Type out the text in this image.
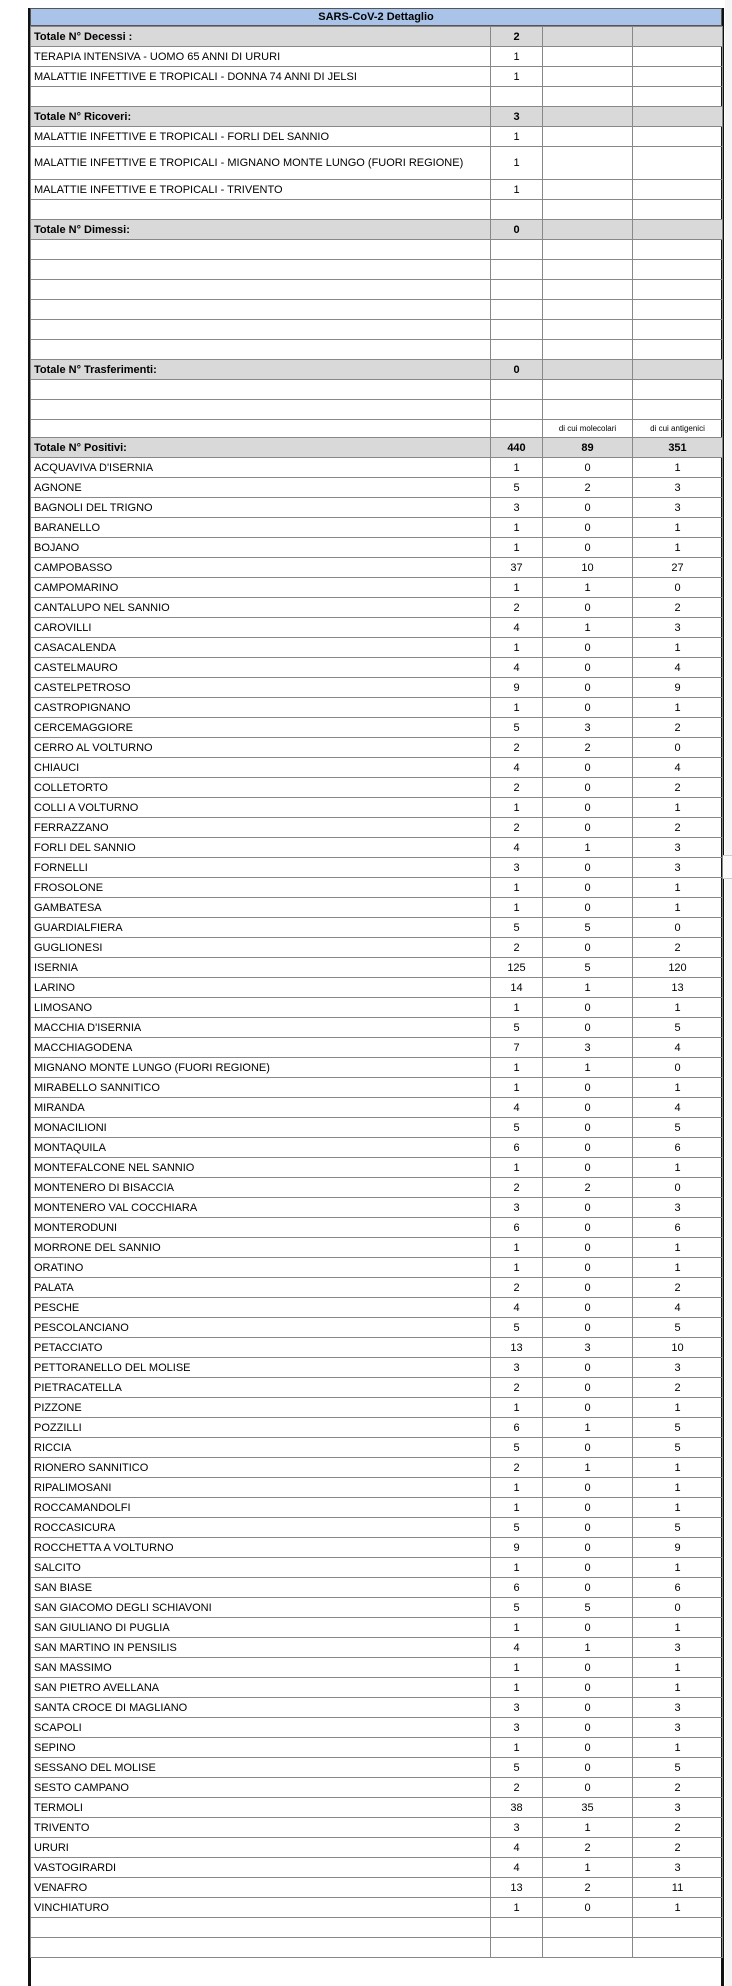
SARS-CoV-2 Dettaglio
Totale N° Decessi :	2		
TERAPIA INTENSIVA - UOMO 65 ANNI DI URURI	1		
MALATTIE INFETTIVE E TROPICALI - DONNA 74 ANNI DI JELSI	1		

Totale N° Ricoveri:	3		
MALATTIE INFETTIVE E TROPICALI - FORLI DEL SANNIO	1		
MALATTIE INFETTIVE E TROPICALI - MIGNANO MONTE LUNGO (FUORI REGIONE)	1		
MALATTIE INFETTIVE E TROPICALI - TRIVENTO	1		

Totale N° Dimessi:	0		

Totale N° Trasferimenti:	0		

		di cui molecolari	di cui antigenici
Totale N° Positivi:	440	89	351
ACQUAVIVA D'ISERNIA	1	0	1
AGNONE	5	2	3
BAGNOLI DEL TRIGNO	3	0	3
BARANELLO	1	0	1
BOJANO	1	0	1
CAMPOBASSO	37	10	27
CAMPOMARINO	1	1	0
CANTALUPO NEL SANNIO	2	0	2
CAROVILLI	4	1	3
CASACALENDA	1	0	1
CASTELMAURO	4	0	4
CASTELPETROSO	9	0	9
CASTROPIGNANO	1	0	1
CERCEMAGGIORE	5	3	2
CERRO AL VOLTURNO	2	2	0
CHIAUCI	4	0	4
COLLETORTO	2	0	2
COLLI A VOLTURNO	1	0	1
FERRAZZANO	2	0	2
FORLI DEL SANNIO	4	1	3
FORNELLI	3	0	3
FROSOLONE	1	0	1
GAMBATESA	1	0	1
GUARDIALFIERA	5	5	0
GUGLIONESI	2	0	2
ISERNIA	125	5	120
LARINO	14	1	13
LIMOSANO	1	0	1
MACCHIA D'ISERNIA	5	0	5
MACCHIAGODENA	7	3	4
MIGNANO MONTE LUNGO (FUORI REGIONE)	1	1	0
MIRABELLO SANNITICO	1	0	1
MIRANDA	4	0	4
MONACILIONI	5	0	5
MONTAQUILA	6	0	6
MONTEFALCONE NEL SANNIO	1	0	1
MONTENERO DI BISACCIA	2	2	0
MONTENERO VAL COCCHIARA	3	0	3
MONTERODUNI	6	0	6
MORRONE DEL SANNIO	1	0	1
ORATINO	1	0	1
PALATA	2	0	2
PESCHE	4	0	4
PESCOLANCIANO	5	0	5
PETACCIATO	13	3	10
PETTORANELLO DEL MOLISE	3	0	3
PIETRACATELLA	2	0	2
PIZZONE	1	0	1
POZZILLI	6	1	5
RICCIA	5	0	5
RIONERO SANNITICO	2	1	1
RIPALIMOSANI	1	0	1
ROCCAMANDOLFI	1	0	1
ROCCASICURA	5	0	5
ROCCHETTA A VOLTURNO	9	0	9
SALCITO	1	0	1
SAN BIASE	6	0	6
SAN GIACOMO DEGLI SCHIAVONI	5	5	0
SAN GIULIANO DI PUGLIA	1	0	1
SAN MARTINO IN PENSILIS	4	1	3
SAN MASSIMO	1	0	1
SAN PIETRO AVELLANA	1	0	1
SANTA CROCE DI MAGLIANO	3	0	3
SCAPOLI	3	0	3
SEPINO	1	0	1
SESSANO DEL MOLISE	5	0	5
SESTO CAMPANO	2	0	2
TERMOLI	38	35	3
TRIVENTO	3	1	2
URURI	4	2	2
VASTOGIRARDI	4	1	3
VENAFRO	13	2	11
VINCHIATURO	1	0	1
